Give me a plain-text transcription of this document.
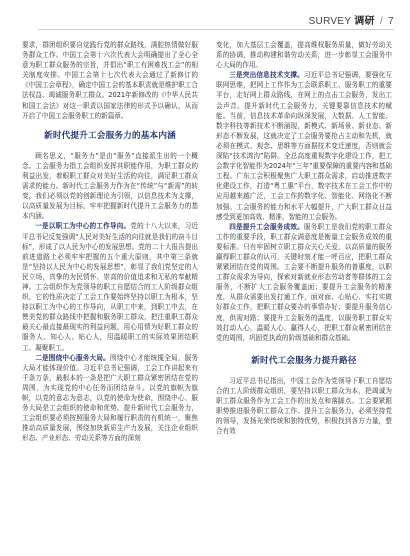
SURVEY 调研 / 7

要求，群团组织要自觉践行党的群众路线，满腔热情做好服务群众工作。中国工会第十六次代表大会明确提出了全心全意为职工群众服务的宗旨，并倡出“职工有困难找工会”的相关制度安排。中国工会第十七次代表大会通过了新修订的《中国工会章程》，确定中国工会的基本职责就是维护职工合法权益、竭诚服务职工群众。2021年新修改的《中华人民共和国工会法》对这一职责以国家法律的形式予以确认，从而开启了中国工会服务职工的新篇章。

新时代提升工会服务力的基本内涵

顾名思义，“服务力”是由“服务”直接派生出的一个概念。工会服务力指工会组织发挥其职能作用，为职工群众的利益出发，着眼职工群众对美好生活的向往，满足职工群众需求的能力。新时代工会服务力作为在“传统”与“新需”的转变，我们必须以党的创新理论为引领，以信息技术为支撑，以高质量发展为目标，牢牢把握新时代提升工会服务力的基本内涵。

一是以职工为中心的工作导向。党的十八大以来，习近平总书记反复强调“人民对美好生活的向往就是我们的奋斗目标”，形成了以人民为中心的发展思想。党的二十大报告提出前进道路上必须牢牢把握的五个重大原则，其中第三条就是“坚持以人民为中心的发展思想”，彰显了我们党坚定的人民立场，真挚的为民情怀、崇高的价值追求和无私的奉献精神。工会组织作为党领导的职工自愿结合的工人阶级群众组织，它的性质决定了工会工作要始终坚持以职工为根本，坚持以职工为中心的工作导向，从职工中来，到职工中去，在赞美党的群众路线中把握和服务职工群众，把注重职工群众最关心最直接最现实的利益问题，用心用情为好职工群众的服务人、知心人、贴心人，用温暖职工的实际效果团结职工、凝聚职工。

二是围绕中心服务大局。围绕中心才能统揽全局，服务大局才能体现价值。习近平总书记强调，工会工作讲起来有千条万条，最根本的一条是把广大职工群众紧密团结在党的周围，为实现党的中心任务而团结奋斗。以党的旗帜为旗帜，以党的意志为意志，以党的使命为使命，围绕中心、服务大局是工会组织的使命和优势。提升新时代工会服务力，工会组织要必须按照服务大局和履行职责的有机统一，聚焦推动高质量发展，围绕加快新质生产力发展，关注企业组织形态、产业形态、劳动关系等方面的深刻

变化，加大基层工会覆盖，提高维权服务质量，做好劳动关系的协调，推动构建和谐劳动关系，进一步彰显工会服务中心大局的作用。

三是突出信息技术支撑。习近平总书记强调，要强化互联网思维，把网上工作作为工会联系职工、服务职工的重要平台，走好网上群众路线，在网上的点击工会服务，发出工会声音。提升新时代工会服务力，关键要靠信息技术的赋能。当前，信息技术革命向纵深发展，大数据、人工智能、数字科技等新技术不断涌现，新模式、新场景、新业态、新形态不断发展，这就决定了工会服务要抢占主动和先机，就必须在模式、观念、思维等方面据技术变迁速度，否则就会深陷“技术鸿沟”陷阱。全总高度重视数字化建设工作，把工会数字化智能作为2024年“三年”重要保障的重要内容和基础工程。广东工会积极聚焦广大职工群众需求，启动推进数字化建设工作，打造“粤工惠”平台，数字技术在工会工作中的应用越来越广泛，工会工作的数字化、智能化、网络化不断加强。工会服务的能力和水平大幅提升，广大职工群众日益感受到更加高效、精准、智能的工会服务。

四是提升工会服务成效。服务职工是我们党的职工群众工作的重要手段，职工群众满意度是衡量工会服务成效的重要标准。只有牢固树立职工群众关心关爱，以高质量的服务赢得职工群众的认可，关键时刻才能一呼百应，把职工群众紧紧团结在党的周围。工会要不断提升服务的普惠度，以职工群众需求为导向，探索对新就业形态劳动者等群体的工会服务，不断扩大工会服务覆盖面；要提升工会服务的精准度，从群众需要出发打通工作，面对面、心贴心、实打实做好群众工作，把职工群众要办的事情办好；要提升服务信心度，供需对路；要提升工会服务的温度，以服务职工群众实效打动人心，温暖人心、赢得人心，把职工群众紧密团结在党的周围，巩固党执政的阶级基础和群众基础。

新时代工会服务力提升路径

习近平总书记指出，中国工会作为党领导下职工自愿结合的工人阶级群众组织，要坚持以职工群众为本，把竭诚为职工群众服务作为工会工作的出发点和落脚点。工会要紧跟职势推进服务职工群众工作。提升工会服务力，必须坚持党的领导，发扬光荣传统和独特优势，积极找到各方力量，整合有效
